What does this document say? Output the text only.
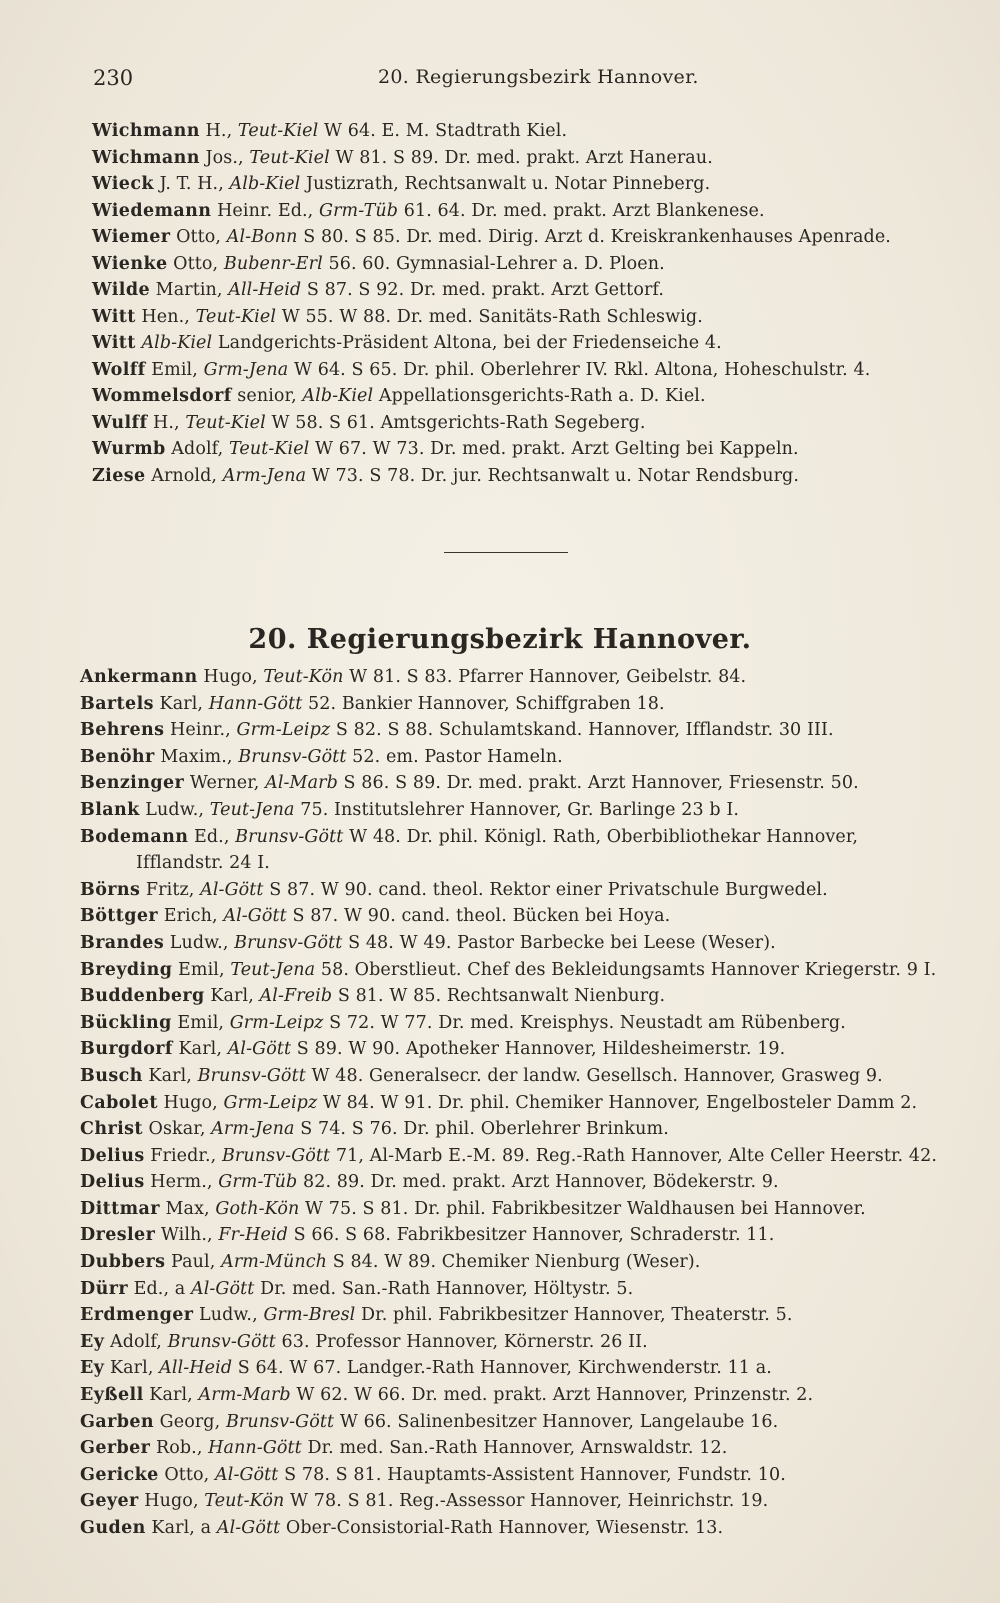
230	20. Regierungsbezirk Hannover.
Wichmann H., Teut-Kiel W 64. E. M. Stadtrath Kiel.
Wichmann Jos., Teut-Kiel W 81. S 89. Dr. med. prakt. Arzt Hanerau.
Wieck J. T. H., Alb-Kiel Justizrath, Rechtsanwalt u. Notar Pinneberg.
Wiedemann Heinr. Ed., Grm-Tüb 61. 64. Dr. med. prakt. Arzt Blankenese.
Wiemer Otto, Al-Bonn S 80. S 85. Dr. med. Dirig. Arzt d. Kreiskrankenhauses Apenrade.
Wienke Otto, Bubenr-Erl 56. 60. Gymnasial-Lehrer a. D. Ploen.
Wilde Martin, All-Heid S 87. S 92. Dr. med. prakt. Arzt Gettorf.
Witt Hen., Teut-Kiel W 55. W 88. Dr. med. Sanitäts-Rath Schleswig.
Witt Alb-Kiel Landgerichts-Präsident Altona, bei der Friedenseiche 4.
Wolff Emil, Grm-Jena W 64. S 65. Dr. phil. Oberlehrer IV. Rkl. Altona, Hoheschulstr. 4.
Wommelsdorf senior, Alb-Kiel Appellationsgerichts-Rath a. D. Kiel.
Wulff H., Teut-Kiel W 58. S 61. Amtsgerichts-Rath Segeberg.
Wurmb Adolf, Teut-Kiel W 67. W 73. Dr. med. prakt. Arzt Gelting bei Kappeln.
Ziese Arnold, Arm-Jena W 73. S 78. Dr. jur. Rechtsanwalt u. Notar Rendsburg.
20. Regierungsbezirk Hannover.
Ankermann Hugo, Teut-Kön W 81. S 83. Pfarrer Hannover, Geibelstr. 84.
Bartels Karl, Hann-Gött 52. Bankier Hannover, Schiffgraben 18.
Behrens Heinr., Grm-Leipz S 82. S 88. Schulamtskand. Hannover, Ifflandstr. 30 III.
Benöhr Maxim., Brunsv-Gött 52. em. Pastor Hameln.
Benzinger Werner, Al-Marb S 86. S 89. Dr. med. prakt. Arzt Hannover, Friesenstr. 50.
Blank Ludw., Teut-Jena 75. Institutslehrer Hannover, Gr. Barlinge 23 b I.
Bodemann Ed., Brunsv-Gött W 48. Dr. phil. Königl. Rath, Oberbibliothekar Hannover,
Ifflandstr. 24 I.
Börns Fritz, Al-Gött S 87. W 90. cand. theol. Rektor einer Privatschule Burgwedel.
Böttger Erich, Al-Gött S 87. W 90. cand. theol. Bücken bei Hoya.
Brandes Ludw., Brunsv-Gött S 48. W 49. Pastor Barbecke bei Leese (Weser).
Breyding Emil, Teut-Jena 58. Oberstlieut. Chef des Bekleidungsamts Hannover Kriegerstr. 9 I.
Buddenberg Karl, Al-Freib S 81. W 85. Rechtsanwalt Nienburg.
Bückling Emil, Grm-Leipz S 72. W 77. Dr. med. Kreisphys. Neustadt am Rübenberg.
Burgdorf Karl, Al-Gött S 89. W 90. Apotheker Hannover, Hildesheimerstr. 19.
Busch Karl, Brunsv-Gött W 48. Generalsecr. der landw. Gesellsch. Hannover, Grasweg 9.
Cabolet Hugo, Grm-Leipz W 84. W 91. Dr. phil. Chemiker Hannover, Engelbosteler Damm 2.
Christ Oskar, Arm-Jena S 74. S 76. Dr. phil. Oberlehrer Brinkum.
Delius Friedr., Brunsv-Gött 71, Al-Marb E.-M. 89. Reg.-Rath Hannover, Alte Celler Heerstr. 42.
Delius Herm., Grm-Tüb 82. 89. Dr. med. prakt. Arzt Hannover, Bödekerstr. 9.
Dittmar Max, Goth-Kön W 75. S 81. Dr. phil. Fabrikbesitzer Waldhausen bei Hannover.
Dresler Wilh., Fr-Heid S 66. S 68. Fabrikbesitzer Hannover, Schraderstr. 11.
Dubbers Paul, Arm-Münch S 84. W 89. Chemiker Nienburg (Weser).
Dürr Ed., a Al-Gött Dr. med. San.-Rath Hannover, Höltystr. 5.
Erdmenger Ludw., Grm-Bresl Dr. phil. Fabrikbesitzer Hannover, Theaterstr. 5.
Ey Adolf, Brunsv-Gött 63. Professor Hannover, Körnerstr. 26 II.
Ey Karl, All-Heid S 64. W 67. Landger.-Rath Hannover, Kirchwenderstr. 11 a.
Eyßell Karl, Arm-Marb W 62. W 66. Dr. med. prakt. Arzt Hannover, Prinzenstr. 2.
Garben Georg, Brunsv-Gött W 66. Salinenbesitzer Hannover, Langelaube 16.
Gerber Rob., Hann-Gött Dr. med. San.-Rath Hannover, Arnswaldstr. 12.
Gericke Otto, Al-Gött S 78. S 81. Hauptamts-Assistent Hannover, Fundstr. 10.
Geyer Hugo, Teut-Kön W 78. S 81. Reg.-Assessor Hannover, Heinrichstr. 19.
Guden Karl, a Al-Gött Ober-Consistorial-Rath Hannover, Wiesenstr. 13.
